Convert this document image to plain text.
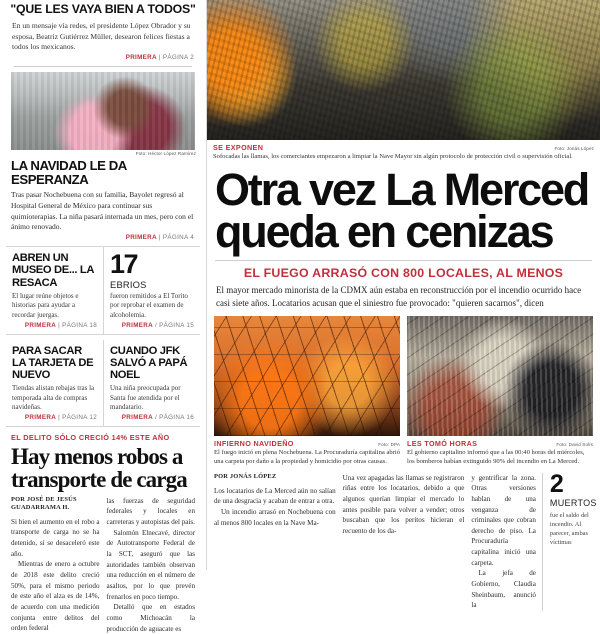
"QUE LES VAYA BIEN A TODOS"
En un mensaje vía redes, el presidente López Obrador y su esposa, Beatriz Gutiérrez Müller, desearon felices fiestas a todos los mexicanos.
PRIMERA | PÁGINA 2
Foto: Héctor López Ramírez
LA NAVIDAD LE DA ESPERANZA
Tras pasar Nochebuena con su familia, Bayolet regresó al Hospital General de México para continuar sus quimioterapias. La niña pasará internada un mes, pero con el ánimo renovado.
PRIMERA | PÁGINA 4
ABREN UN MUSEO DE... LA RESACA

El lugar reúne objetos e historias para ayudar a recordar juergas.

PRIMERA | PÁGINA 18
17
EBRIOS

fueron remitidos a El Torito por reprobar el examen de alcoholemia.

PRIMERA / PÁGINA 15
PARA SACAR LA TARJETA DE NUEVO

Tiendas alistan rebajas tras la temporada alta de compras navideñas.

PRIMERA | PÁGINA 12
CUANDO JFK SALVÓ A PAPÁ NOEL

Una niña preocupada por Santa fue atendida por el mandatario.

PRIMERA / PÁGINA 16
EL DELITO SÓLO CRECIÓ 14% ESTE AÑO
Hay menos robos a transporte de carga
POR JOSÉ DE JESÚS GUADARRAMA H.

Si bien el aumento en el robo a transporte de carga no se ha detenido, sí se desaceleró este año.

Mientras de enero a octubre de 2018 este delito creció 50%, para el mismo periodo de este año el alza es de 14%, de acuerdo con una medición conjunta entre delitos del orden federal

las fuerzas de seguridad federales y locales en carreteras y autopistas del país.

Salomón Elnecavé, director de Autotransporte Federal de la SCT, aseguró que las autoridades también observan una reducción en el número de asaltos, por lo que prevén frenarlos en poco tiempo.

Detalló que en estados como Michoacán la producción de aguacate es

SE EXPONEN	Foto: Jonás López
Sofocadas las llamas, los comerciantes empezaron a limpiar la Nave Mayor sin algún protocolo de protección civil o supervisión oficial.
Otra vez La Merced
queda en cenizas
EL FUEGO ARRASÓ CON 800 LOCALES, AL MENOS
El mayor mercado minorista de la CDMX aún estaba en reconstrucción por el incendio ocurrido hace casi siete años. Locatarios acusan que el siniestro fue provocado: "quieren sacarnos", dicen
INFIERNO NAVIDEÑO	Foto: DPA
El fuego inició en plena Nochebuena. La Procuraduría capitalina abrió una carpeta por daño a la propiedad y homicidio por otras causas.
LES TOMÓ HORAS	Foto: David Solís
El gobierno capitalino informó que a las 00:40 horas del miércoles, los bomberos habían extinguido 90% del incendio en La Merced.
POR JONÁS LÓPEZ

Los locatarios de La Merced aún no salían de una desgracia y acaban de entrar a otra.

Un incendio arrasó en Nochebuena con al menos 800 locales en la Nave Ma-

Una vez apagadas las llamas se registraron riñas entre los locatarios, debido a que algunos querían limpiar el mercado lo antes posible para volver a vender; otros buscaban que los peritos hicieran el recuento de los da-

y gentrificar la zona. Otras versiones hablan de una venganza de criminales que cobran derecho de piso. La Procuraduría capitalina inició una carpeta.

La jefa de Gobierno, Claudia Sheinbaum, anunció la

2
MUERTOS
fue el saldo del incendio. Al parecer, ambas víctimas
